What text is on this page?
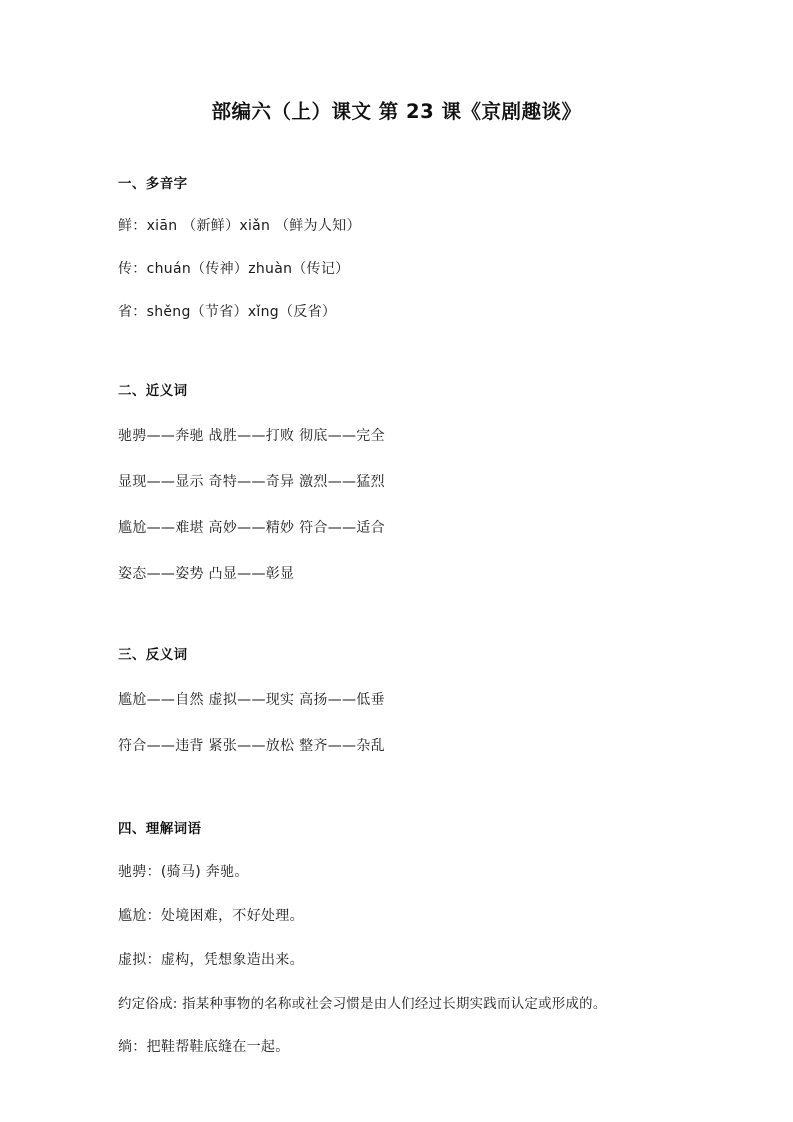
部编六（上）课文 第 23 课《京剧趣谈》
一、多音字
鲜：xiān （新鲜）xiǎn （鲜为人知）
传：chuán（传神）zhuàn（传记）
省：shěng（节省）xǐng（反省）
二、近义词
驰骋——奔驰 战胜——打败 彻底——完全
显现——显示 奇特——奇异 激烈——猛烈
尴尬——难堪 高妙——精妙 符合——适合
姿态——姿势 凸显——彰显
三、反义词
尴尬——自然 虚拟——现实 高扬——低垂
符合——违背 紧张——放松 整齐——杂乱
四、理解词语
驰骋：(骑马) 奔驰。
尴尬：处境困难，不好处理。
虚拟：虚构，凭想象造出来。
约定俗成: 指某种事物的名称或社会习惯是由人们经过长期实践而认定或形成的。
绱：把鞋帮鞋底缝在一起。
